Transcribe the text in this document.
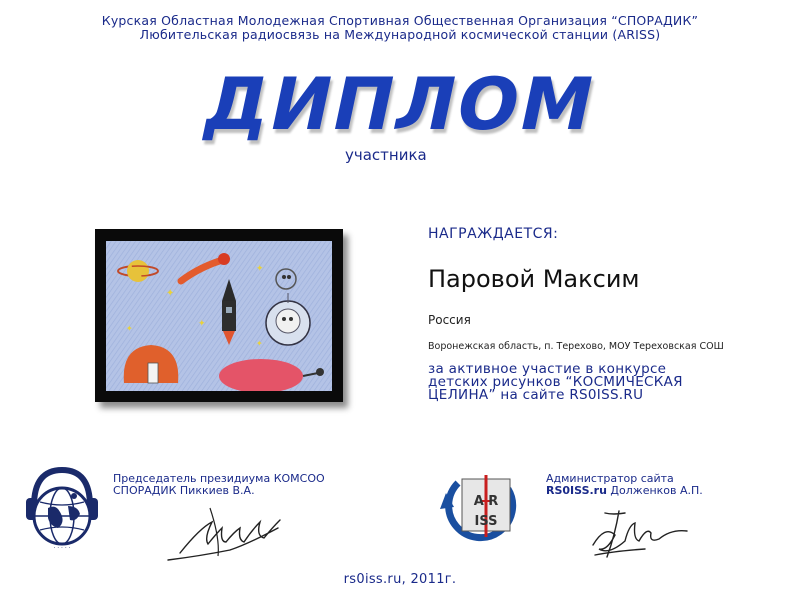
Курская Областная Молодежная Спортивная Общественная Организация “СПОРАДИК”
Любительская радиосвязь на Международной космической станции (ARISS)
ДИПЛОМ
участника
✦
✦
✦
✦
✦
НАГРАЖДАЕТСЯ:
Паровой Максим
Россия
Воронежская область, п. Терехово, МОУ Тереховская СОШ
за активное участие в конкурсе
детских рисунков “КОСМИЧЕСКАЯ
ЦЕЛИНА” на сайте RS0ISS.RU
· · · · ·
Председатель президиума КОМСОО
СПОРАДИК Пиккиев В.А.
A R
ISS
Администратор сайта
RS0ISS.ru Долженков А.П.
rs0iss.ru, 2011г.
